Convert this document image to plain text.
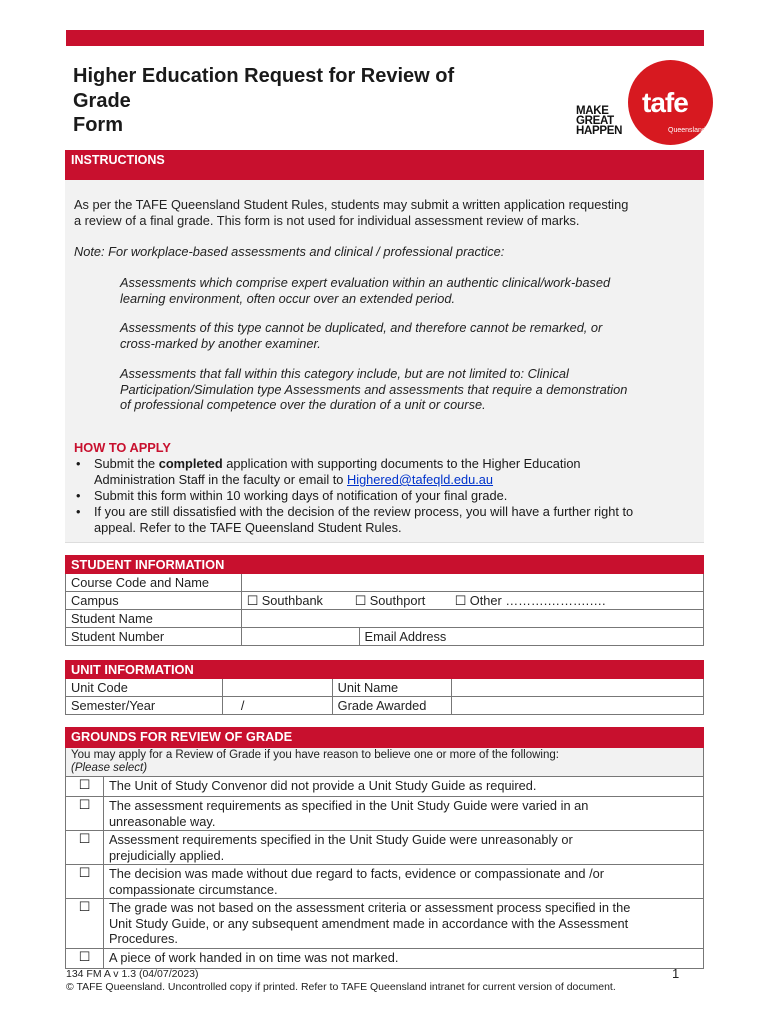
Higher Education Request for Review of
Grade
Form
MAKE
GREAT
HAPPEN
tafe
Queensland
INSTRUCTIONS
As per the TAFE Queensland Student Rules, students may submit a written application requesting
a review of a final grade. This form is not used for individual assessment review of marks.
Note: For workplace-based assessments and clinical / professional practice:
Assessments which comprise expert evaluation within an authentic clinical/work-based
learning environment, often occur over an extended period.
Assessments of this type cannot be duplicated, and therefore cannot be remarked, or
cross-marked by another examiner.
Assessments that fall within this category include, but are not limited to: Clinical
Participation/Simulation type Assessments and assessments that require a demonstration
of professional competence over the duration of a unit or course.
HOW TO APPLY
• Submit the completed application with supporting documents to the Higher Education
Administration Staff in the faculty or email to Highered@tafeqld.edu.au
• Submit this form within 10 working days of notification of your final grade.
• If you are still dissatisfied with the decision of the review process, you will have a further right to
appeal. Refer to the TAFE Queensland Student Rules.
STUDENT INFORMATION		
Course Code and Name		
Campus	☐ Southbank ☐ Southport ☐ Other ……….……….….	
Student Name		
Student Number		Email Address
UNIT INFORMATION			
Unit Code		Unit Name	
Semester/Year	/	Grade Awarded	
GROUNDS FOR REVIEW OF GRADE	

You may apply for a Review of Grade if you have reason to believe one or more of the following:
(Please select)	

☐	The Unit of Study Convenor did not provide a Unit Study Guide as required.

☐	The assessment requirements as specified in the Unit Study Guide were varied in an
unreasonable way.

☐	Assessment requirements specified in the Unit Study Guide were unreasonably or
prejudicially applied.

☐	The decision was made without due regard to facts, evidence or compassionate and /or
compassionate circumstance.

☐	The grade was not based on the assessment criteria or assessment process specified in the
Unit Study Guide, or any subsequent amendment made in accordance with the Assessment
Procedures.

☐	A piece of work handed in on time was not marked.
134 FM A v 1.3 (04/07/2023)
© TAFE Queensland. Uncontrolled copy if printed. Refer to TAFE Queensland intranet for current version of document.
1
